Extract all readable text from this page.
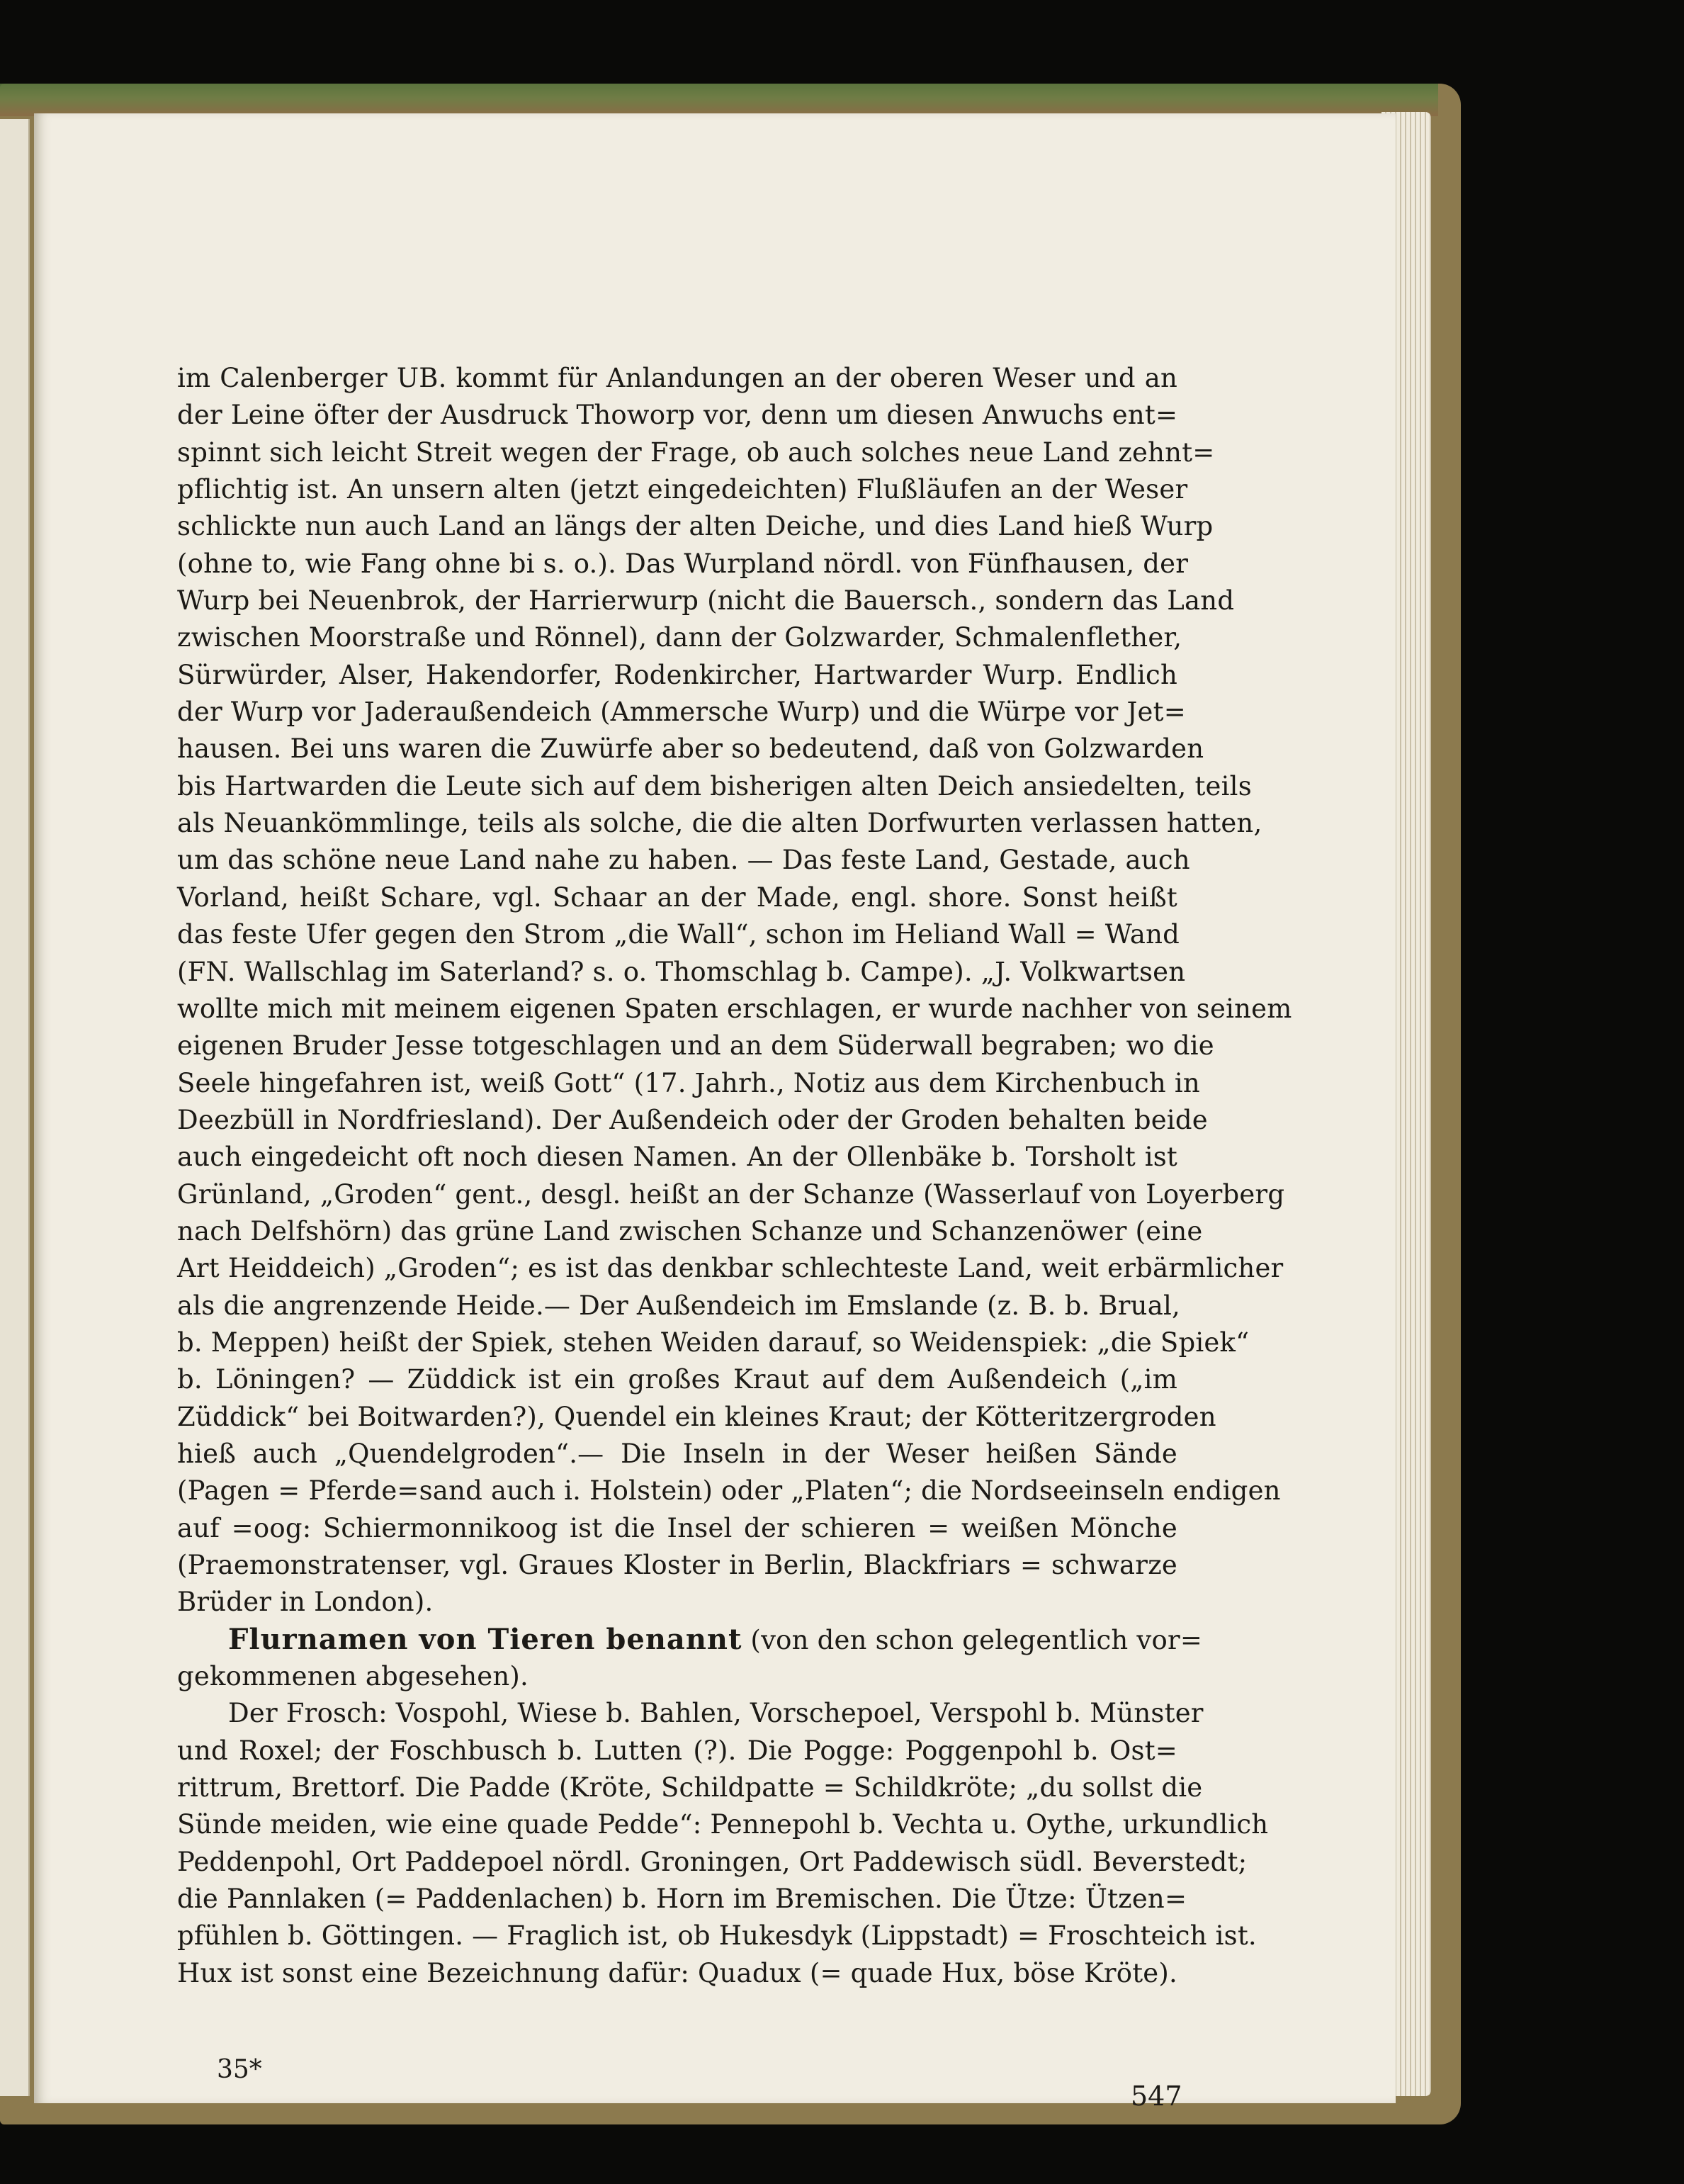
im Calenberger UB. kommt für Anlandungen an der oberen Weser und an
der Leine öfter der Ausdruck Thoworp vor, denn um diesen Anwuchs ent=
spinnt sich leicht Streit wegen der Frage, ob auch solches neue Land zehnt=
pflichtig ist. An unsern alten (jetzt eingedeichten) Flußläufen an der Weser
schlickte nun auch Land an längs der alten Deiche, und dies Land hieß Wurp
(ohne to, wie Fang ohne bi s. o.). Das Wurpland nördl. von Fünfhausen, der
Wurp bei Neuenbrok, der Harrierwurp (nicht die Bauersch., sondern das Land
zwischen Moorstraße und Rönnel), dann der Golzwarder, Schmalenflether,
Sürwürder, Alser, Hakendorfer, Rodenkircher, Hartwarder Wurp. Endlich
der Wurp vor Jaderaußendeich (Ammersche Wurp) und die Würpe vor Jet=
hausen. Bei uns waren die Zuwürfe aber so bedeutend, daß von Golzwarden
bis Hartwarden die Leute sich auf dem bisherigen alten Deich ansiedelten, teils
als Neuankömmlinge, teils als solche, die die alten Dorfwurten verlassen hatten,
um das schöne neue Land nahe zu haben. — Das feste Land, Gestade, auch
Vorland, heißt Schare, vgl. Schaar an der Made, engl. shore. Sonst heißt
das feste Ufer gegen den Strom „die Wall“, schon im Heliand Wall = Wand
(FN. Wallschlag im Saterland? s. o. Thomschlag b. Campe). „J. Volkwartsen
wollte mich mit meinem eigenen Spaten erschlagen, er wurde nachher von seinem
eigenen Bruder Jesse totgeschlagen und an dem Süderwall begraben; wo die
Seele hingefahren ist, weiß Gott“ (17. Jahrh., Notiz aus dem Kirchenbuch in
Deezbüll in Nordfriesland). Der Außendeich oder der Groden behalten beide
auch eingedeicht oft noch diesen Namen. An der Ollenbäke b. Torsholt ist
Grünland, „Groden“ gent., desgl. heißt an der Schanze (Wasserlauf von Loyerberg
nach Delfshörn) das grüne Land zwischen Schanze und Schanzenöwer (eine
Art Heiddeich) „Groden“; es ist das denkbar schlechteste Land, weit erbärmlicher
als die angrenzende Heide.— Der Außendeich im Emslande (z. B. b. Brual,
b. Meppen) heißt der Spiek, stehen Weiden darauf, so Weidenspiek: „die Spiek“
b. Löningen? — Züddick ist ein großes Kraut auf dem Außendeich („im
Züddick“ bei Boitwarden?), Quendel ein kleines Kraut; der Kötteritzergroden
hieß auch „Quendelgroden“.— Die Inseln in der Weser heißen Sände
(Pagen = Pferde=sand auch i. Holstein) oder „Platen“; die Nordseeinseln endigen
auf =oog: Schiermonnikoog ist die Insel der schieren = weißen Mönche
(Praemonstratenser, vgl. Graues Kloster in Berlin, Blackfriars = schwarze
Brüder in London).
Flurnamen von Tieren benannt (von den schon gelegentlich vor=
gekommenen abgesehen).
Der Frosch: Vospohl, Wiese b. Bahlen, Vorschepoel, Verspohl b. Münster
und Roxel; der Foschbusch b. Lutten (?). Die Pogge: Poggenpohl b. Ost=
rittrum, Brettorf. Die Padde (Kröte, Schildpatte = Schildkröte; „du sollst die
Sünde meiden, wie eine quade Pedde“: Pennepohl b. Vechta u. Oythe, urkundlich
Peddenpohl, Ort Paddepoel nördl. Groningen, Ort Paddewisch südl. Beverstedt;
die Pannlaken (= Paddenlachen) b. Horn im Bremischen. Die Ütze: Ützen=
pfühlen b. Göttingen. — Fraglich ist, ob Hukesdyk (Lippstadt) = Froschteich ist.
Hux ist sonst eine Bezeichnung dafür: Quadux (= quade Hux, böse Kröte).
35*
547
